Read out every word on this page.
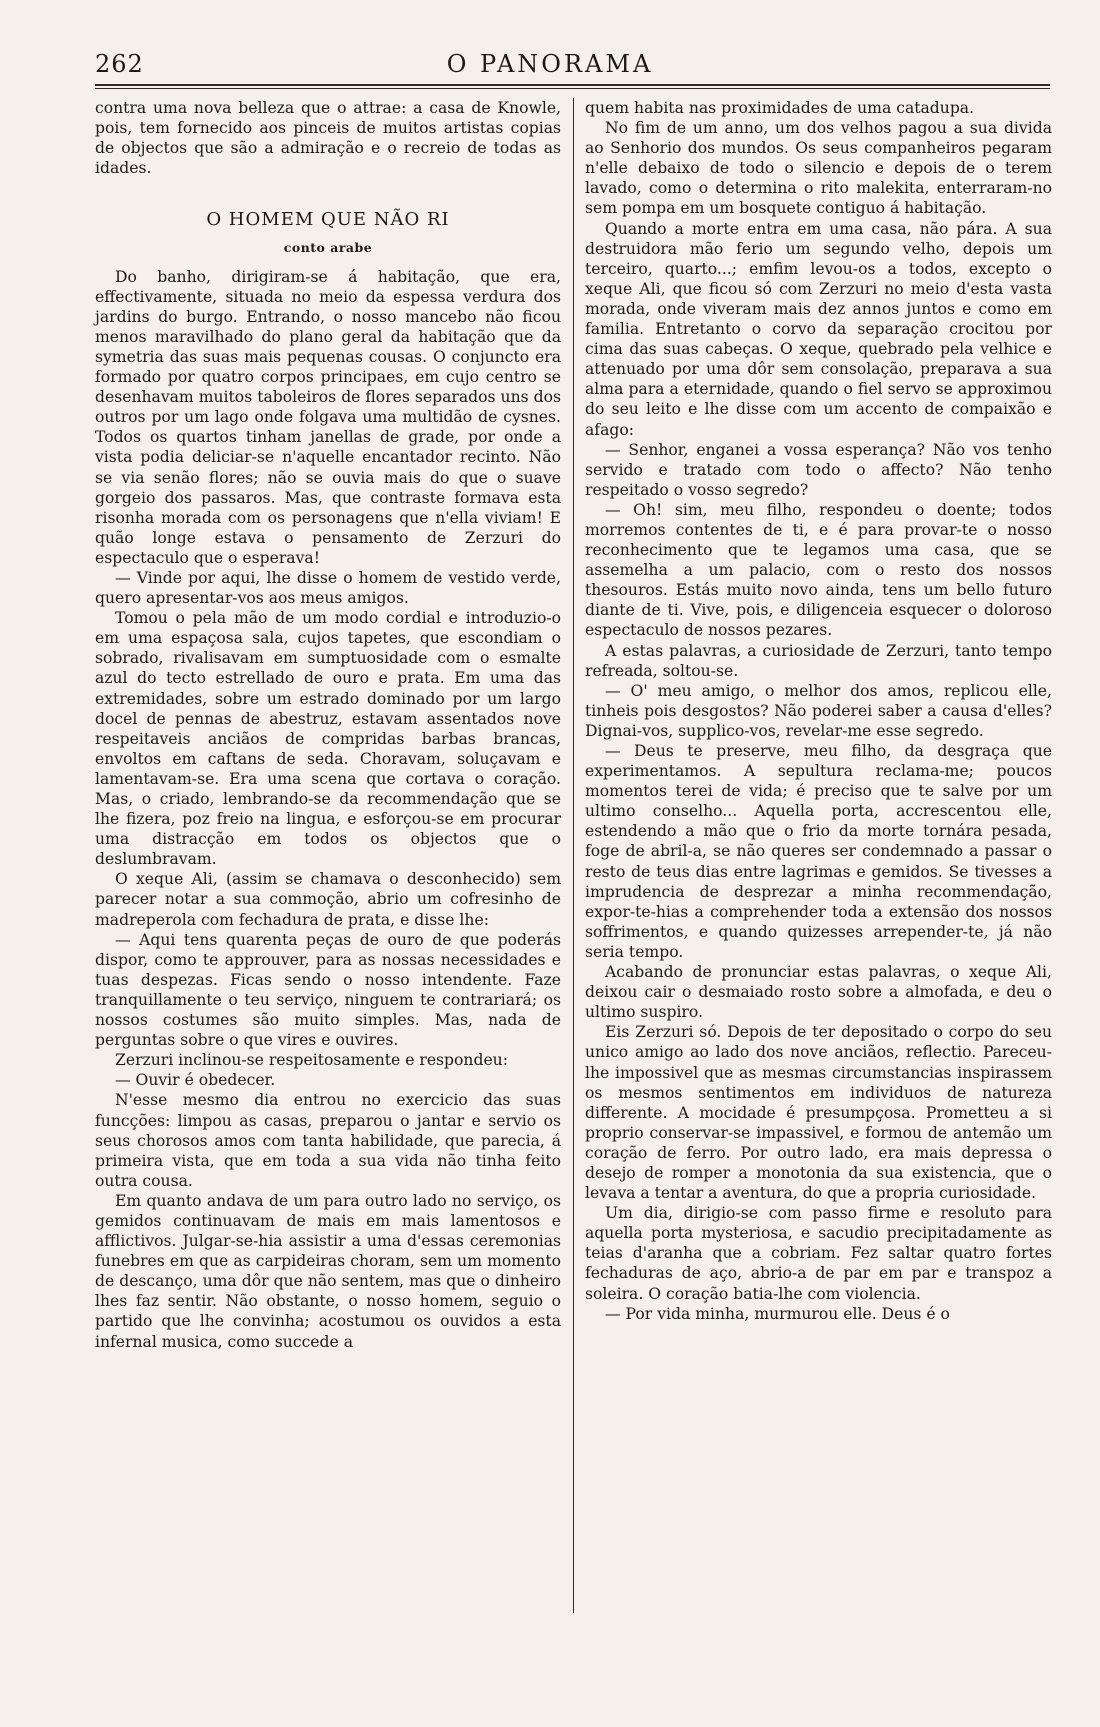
262	O PANORAMA

contra uma nova belleza que o attrae: a casa de Knowle, pois, tem fornecido aos pinceis de muitos artistas copias de objectos que são a admiração e o recreio de todas as idades.

O HOMEM QUE NÃO RI
conto arabe

Do banho, dirigiram-se á habitação, que era, effectivamente, situada no meio da espessa verdura dos jardins do burgo. Entrando, o nosso mancebo não ficou menos maravilhado do plano geral da habitação que da symetria das suas mais pequenas cousas. O conjuncto era formado por quatro corpos principaes, em cujo centro se desenhavam muitos taboleiros de flores separados uns dos outros por um lago onde folgava uma multidão de cysnes. Todos os quartos tinham janellas de grade, por onde a vista podia deliciar-se n'aquelle encantador recinto. Não se via senão flores; não se ouvia mais do que o suave gorgeio dos passaros. Mas, que contraste formava esta risonha morada com os personagens que n'ella viviam! E quão longe estava o pensamento de Zerzuri do espectaculo que o esperava!

— Vinde por aqui, lhe disse o homem de vestido verde, quero apresentar-vos aos meus amigos.

Tomou o pela mão de um modo cordial e introduzio-o em uma espaçosa sala, cujos tapetes, que escondiam o sobrado, rivalisavam em sumptuosidade com o esmalte azul do tecto estrellado de ouro e prata. Em uma das extremidades, sobre um estrado dominado por um largo docel de pennas de abestruz, estavam assentados nove respeitaveis anciãos de compridas barbas brancas, envoltos em caftans de seda. Choravam, soluçavam e lamentavam-se. Era uma scena que cortava o coração. Mas, o criado, lembrando-se da recommendação que se lhe fizera, poz freio na lingua, e esforçou-se em procurar uma distracção em todos os objectos que o deslumbravam.

O xeque Ali, (assim se chamava o desconhecido) sem parecer notar a sua commoção, abrio um cofresinho de madreperola com fechadura de prata, e disse lhe:

— Aqui tens quarenta peças de ouro de que poderás dispor, como te approuver, para as nossas necessidades e tuas despezas. Ficas sendo o nosso intendente. Faze tranquillamente o teu serviço, ninguem te contrariará; os nossos costumes são muito simples. Mas, nada de perguntas sobre o que vires e ouvires.

Zerzuri inclinou-se respeitosamente e respondeu:

— Ouvir é obedecer.

N'esse mesmo dia entrou no exercicio das suas funcções: limpou as casas, preparou o jantar e servio os seus chorosos amos com tanta habilidade, que parecia, á primeira vista, que em toda a sua vida não tinha feito outra cousa.

Em quanto andava de um para outro lado no serviço, os gemidos continuavam de mais em mais lamentosos e afflictivos. Julgar-se-hia assistir a uma d'essas ceremonias funebres em que as carpideiras choram, sem um momento de descanço, uma dôr que não sentem, mas que o dinheiro lhes faz sentir. Não obstante, o nosso homem, seguio o partido que lhe convinha; acostumou os ouvidos a esta infernal musica, como succede a

quem habita nas proximidades de uma catadupa.

No fim de um anno, um dos velhos pagou a sua divida ao Senhorio dos mundos. Os seus companheiros pegaram n'elle debaixo de todo o silencio e depois de o terem lavado, como o determina o rito malekita, enterraram-no sem pompa em um bosquete contiguo á habitação.

Quando a morte entra em uma casa, não pára. A sua destruidora mão ferio um segundo velho, depois um terceiro, quarto...; emfim levou-os a todos, excepto o xeque Ali, que ficou só com Zerzuri no meio d'esta vasta morada, onde viveram mais dez annos juntos e como em familia. Entretanto o corvo da separação crocitou por cima das suas cabeças. O xeque, quebrado pela velhice e attenuado por uma dôr sem consolação, preparava a sua alma para a eternidade, quando o fiel servo se approximou do seu leito e lhe disse com um accento de compaixão e afago:

— Senhor, enganei a vossa esperança? Não vos tenho servido e tratado com todo o affecto? Não tenho respeitado o vosso segredo?

— Oh! sim, meu filho, respondeu o doente; todos morremos contentes de ti, e é para provar-te o nosso reconhecimento que te legamos uma casa, que se assemelha a um palacio, com o resto dos nossos thesouros. Estás muito novo ainda, tens um bello futuro diante de ti. Vive, pois, e diligenceia esquecer o doloroso espectaculo de nossos pezares.

A estas palavras, a curiosidade de Zerzuri, tanto tempo refreada, soltou-se.

— O' meu amigo, o melhor dos amos, replicou elle, tinheis pois desgostos? Não poderei saber a causa d'elles? Dignai-vos, supplico-vos, revelar-me esse segredo.

— Deus te preserve, meu filho, da desgraça que experimentamos. A sepultura reclama-me; poucos momentos terei de vida; é preciso que te salve por um ultimo conselho... Aquella porta, accrescentou elle, estendendo a mão que o frio da morte tornára pesada, foge de abril-a, se não queres ser condemnado a passar o resto de teus dias entre lagrimas e gemidos. Se tivesses a imprudencia de desprezar a minha recommendação, expor-te-hias a comprehender toda a extensão dos nossos soffrimentos, e quando quizesses arrepender-te, já não seria tempo.

Acabando de pronunciar estas palavras, o xeque Ali, deixou cair o desmaiado rosto sobre a almofada, e deu o ultimo suspiro.

Eis Zerzuri só. Depois de ter depositado o corpo do seu unico amigo ao lado dos nove anciãos, reflectio. Pareceu-lhe impossivel que as mesmas circumstancias inspirassem os mesmos sentimentos em individuos de natureza differente. A mocidade é presumpçosa. Prometteu a si proprio conservar-se impassivel, e formou de antemão um coração de ferro. Por outro lado, era mais depressa o desejo de romper a monotonia da sua existencia, que o levava a tentar a aventura, do que a propria curiosidade.

Um dia, dirigio-se com passo firme e resoluto para aquella porta mysteriosa, e sacudio precipitadamente as teias d'aranha que a cobriam. Fez saltar quatro fortes fechaduras de aço, abrio-a de par em par e transpoz a soleira. O coração batia-lhe com violencia.

— Por vida minha, murmurou elle. Deus é o
